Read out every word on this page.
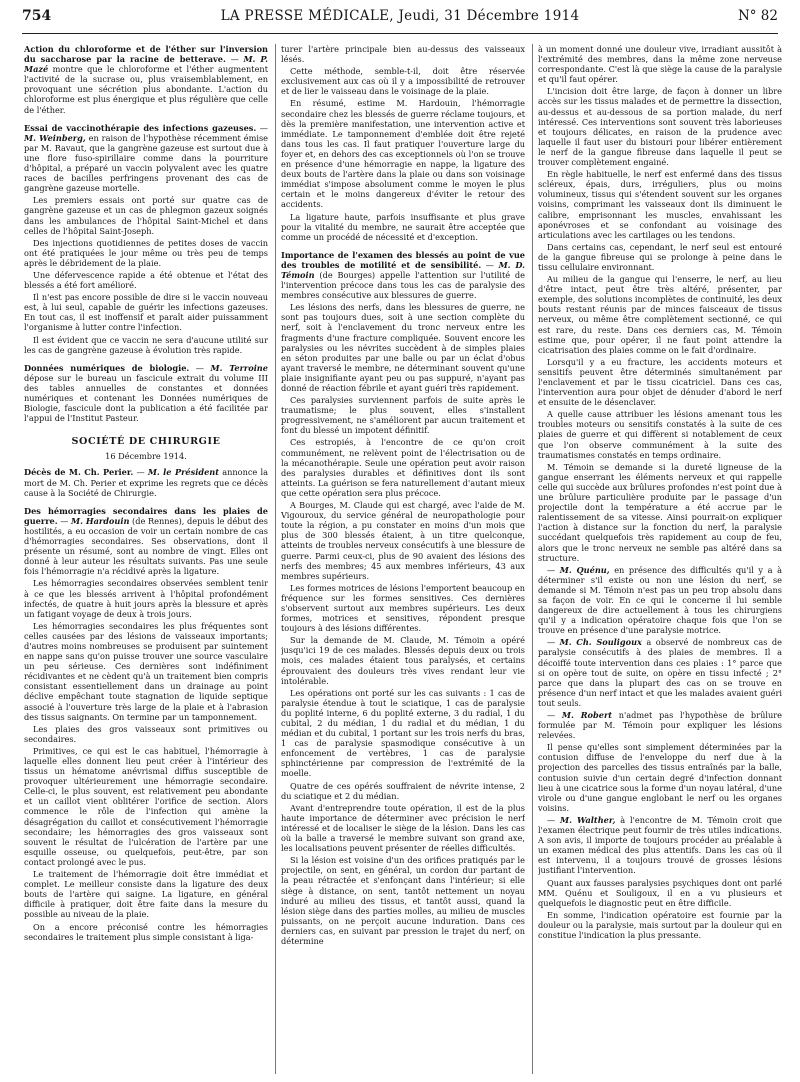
754	LA PRESSE MÉDICALE, Jeudi, 31 Décembre 1914	N° 82

Action du chloroforme et de l'éther sur l'inversion du saccharose par la racine de betterave. — M. P. Mazé montre que le chloroforme et l'éther augmentent l'activité de la sucrase ou, plus vraisemblablement, en provoquant une sécrétion plus abondante. L'action du chloroforme est plus énergique et plus régulière que celle de l'éther.

Essai de vaccinothérapie des infections gazeuses. — M. Weinberg, en raison de l'hypothèse récemment émise par M. Ravaut, que la gangrène gazeuse est surtout due à une flore fuso-spirillaire comme dans la pourriture d'hôpital, a préparé un vaccin polyvalent avec les quatre races de bacilles perfringens provenant des cas de gangrène gazeuse mortelle.

Les premiers essais ont porté sur quatre cas de gangrène gazeuse et un cas de phlegmon gazeux soignés dans les ambulances de l'hôpital Saint-Michel et dans celles de l'hôpital Saint-Joseph.

Des injections quotidiennes de petites doses de vaccin ont été pratiquées le jour même ou très peu de temps après le débridement de la plaie.

Une défervescence rapide a été obtenue et l'état des blessés a été fort amélioré.

Il n'est pas encore possible de dire si le vaccin nouveau est, à lui seul, capable de guérir les infections gazeuses. En tout cas, il est inoffensif et paraît aider puissamment l'organisme à lutter contre l'infection.

Il est évident que ce vaccin ne sera d'aucune utilité sur les cas de gangrène gazeuse à évolution très rapide.

Données numériques de biologie. — M. Terroine dépose sur le bureau un fascicule extrait du volume III des tables annuelles de constantes et données numériques et contenant les Données numériques de Biologie, fascicule dont la publication a été facilitée par l'appui de l'Institut Pasteur.

SOCIÉTÉ DE CHIRURGIE
16 Décembre 1914.

Décès de M. Ch. Perier. — M. le Président annonce la mort de M. Ch. Perier et exprime les regrets que ce décès cause à la Société de Chirurgie.

Des hémorragies secondaires dans les plaies de guerre. — M. Hardouin (de Rennes), depuis le début des hostilités, a eu occasion de voir un certain nombre de cas d'hémorragies secondaires. Ses observations, dont il présente un résumé, sont au nombre de vingt. Elles ont donné à leur auteur les résultats suivants. Pas une seule fois l'hémorragie n'a récidivé après la ligature.

Les hémorragies secondaires observées semblent tenir à ce que les blessés arrivent à l'hôpital profondément infectés, de quatre à huit jours après la blessure et après un fatigant voyage de deux à trois jours.

Les hémorragies secondaires les plus fréquentes sont celles causées par des lésions de vaisseaux importants; d'autres moins nombreuses se produisent par suintement en nappe sans qu'on puisse trouver une source vasculaire un peu sérieuse. Ces dernières sont indéfiniment récidivantes et ne cèdent qu'à un traitement bien compris consistant essentiellement dans un drainage au point déclive empêchant toute stagnation de liquide septique associé à l'ouverture très large de la plaie et à l'abrasion des tissus saignants. On termine par un tamponnement.

Les plaies des gros vaisseaux sont primitives ou secondaires.

Primitives, ce qui est le cas habituel, l'hémorragie à laquelle elles donnent lieu peut créer à l'intérieur des tissus un hématome anévrismal diffus susceptible de provoquer ultérieurement une hémorragie secondaire. Celle-ci, le plus souvent, est relativement peu abondante et un caillot vient oblitérer l'orifice de section. Alors commence le rôle de l'infection qui amène la désagrégation du caillot et consécutivement l'hémorragie secondaire; les hémorragies des gros vaisseaux sont souvent le résultat de l'ulcération de l'artère par une esquille osseuse, ou quelquefois, peut-être, par son contact prolongé avec le pus.

Le traitement de l'hémorragie doit être immédiat et complet. Le meilleur consiste dans la ligature des deux bouts de l'artère qui saigne. La ligature, en général difficile à pratiquer, doit être faite dans la mesure du possible au niveau de la plaie.

On a encore préconisé contre les hémorragies secondaires le traitement plus simple consistant à liga-

turer l'artère principale bien au-dessus des vaisseaux lésés.

Cette méthode, semble-t-il, doit être réservée exclusivement aux cas où il y a impossibilité de retrouver et de lier le vaisseau dans le voisinage de la plaie.

En résumé, estime M. Hardouin, l'hémorragie secondaire chez les blessés de guerre réclame toujours, et dès la première manifestation, une intervention active et immédiate. Le tamponnement d'emblée doit être rejeté dans tous les cas. Il faut pratiquer l'ouverture large du foyer et, en dehors des cas exceptionnels où l'on se trouve en présence d'une hémorragie en nappe, la ligature des deux bouts de l'artère dans la plaie ou dans son voisinage immédiat s'impose absolument comme le moyen le plus certain et le moins dangereux d'éviter le retour des accidents.

La ligature haute, parfois insuffisante et plus grave pour la vitalité du membre, ne saurait être acceptée que comme un procédé de nécessité et d'exception.

Importance de l'examen des blessés au point de vue des troubles de motilité et de sensibilité. — M. D. Témoin (de Bourges) appelle l'attention sur l'utilité de l'intervention précoce dans tous les cas de paralysie des membres consécutive aux blessures de guerre.

Les lésions des nerfs, dans les blessures de guerre, ne sont pas toujours dues, soit à une section complète du nerf, soit à l'enclavement du tronc nerveux entre les fragments d'une fracture compliquée. Souvent encore les paralysies ou les névrites succèdent à de simples plaies en séton produites par une balle ou par un éclat d'obus ayant traversé le membre, ne déterminant souvent qu'une plaie insignifiante ayant peu ou pas suppuré, n'ayant pas donné de réaction fébrile et ayant guéri très rapidement.

Ces paralysies surviennent parfois de suite après le traumatisme; le plus souvent, elles s'installent progressivement, ne s'améliorent par aucun traitement et font du blessé un impotent définitif.

Ces estropiés, à l'encontre de ce qu'on croit communément, ne relèvent point de l'électrisation ou de la mécanothérapie. Seule une opération peut avoir raison des paralysies durables et définitives dont ils sont atteints. La guérison se fera naturellement d'autant mieux que cette opération sera plus précoce.

A Bourges, M. Claude qui est chargé, avec l'aide de M. Vigouroux, du service général de neuropathologie pour toute la région, a pu constater en moins d'un mois que plus de 300 blessés étaient, à un titre quelconque, atteints de troubles nerveux consécutifs à une blessure de guerre. Parmi ceux-ci, plus de 90 avaient des lésions des nerfs des membres; 45 aux membres inférieurs, 43 aux membres supérieurs.

Les formes motrices de lésions l'emportent beaucoup en fréquence sur les formes sensitives. Ces dernières s'observent surtout aux membres supérieurs. Les deux formes, motrices et sensitives, répondent presque toujours à des lésions différentes.

Sur la demande de M. Claude, M. Témoin a opéré jusqu'ici 19 de ces malades. Blessés depuis deux ou trois mois, ces malades étaient tous paralysés, et certains éprouvaient des douleurs très vives rendant leur vie intolérable.

Les opérations ont porté sur les cas suivants : 1 cas de paralysie étendue à tout le sciatique, 1 cas de paralysie du poplité interne, 6 du poplité externe, 3 du radial, 1 du cubital, 2 du médian, 1 du radial et du médian, 1 du médian et du cubital, 1 portant sur les trois nerfs du bras, 1 cas de paralysie spasmodique consécutive à un enfoncement de vertèbres, 1 cas de paralysie sphinctérienne par compression de l'extrémité de la moelle.

Quatre de ces opérés souffraient de névrite intense, 2 du sciatique et 2 du médian.

Avant d'entreprendre toute opération, il est de la plus haute importance de déterminer avec précision le nerf intéressé et de localiser le siège de la lésion. Dans les cas où la balle a traversé le membre suivant son grand axe, les localisations peuvent présenter de réelles difficultés.

Si la lésion est voisine d'un des orifices pratiqués par le projectile, on sent, en général, un cordon dur partant de la peau rétractée et s'enfonçant dans l'intérieur; si elle siège à distance, on sent, tantôt nettement un noyau induré au milieu des tissus, et tantôt aussi, quand la lésion siège dans des parties molles, au milieu de muscles puissants, on ne perçoit aucune induration. Dans ces derniers cas, en suivant par pression le trajet du nerf, on détermine

à un moment donné une douleur vive, irradiant aussitôt à l'extrémité des membres, dans la même zone nerveuse correspondante. C'est là que siège la cause de la paralysie et qu'il faut opérer.

L'incision doit être large, de façon à donner un libre accès sur les tissus malades et de permettre la dissection, au-dessus et au-dessous de sa portion malade, du nerf intéressé. Ces interventions sont souvent très laborieuses et toujours délicates, en raison de la prudence avec laquelle il faut user du bistouri pour libérer entièrement le nerf de la gangue fibreuse dans laquelle il peut se trouver complètement engainé.

En règle habituelle, le nerf est enfermé dans des tissus scléreux, épais, durs, irréguliers, plus ou moins volumineux, tissus qui s'étendent souvent sur les organes voisins, comprimant les vaisseaux dont ils diminuent le calibre, emprisonnant les muscles, envahissant les aponévroses et se confondant au voisinage des articulations avec les cartilages ou les tendons.

Dans certains cas, cependant, le nerf seul est entouré de la gangue fibreuse qui se prolonge à peine dans le tissu cellulaire environnant.

Au milieu de la gangue qui l'enserre, le nerf, au lieu d'être intact, peut être très altéré, présenter, par exemple, des solutions incomplètes de continuité, les deux bouts restant réunis par de minces faisceaux de tissus nerveux, ou même être complètement sectionné, ce qui est rare, du reste. Dans ces derniers cas, M. Témoin estime que, pour opérer, il ne faut point attendre la cicatrisation des plaies comme on le fait d'ordinaire.

Lorsqu'il y a eu fracture, les accidents moteurs et sensitifs peuvent être déterminés simultanément par l'enclavement et par le tissu cicatriciel. Dans ces cas, l'intervention aura pour objet de dénuder d'abord le nerf et ensuite de le désenclaver.

A quelle cause attribuer les lésions amenant tous les troubles moteurs ou sensitifs constatés à la suite de ces plaies de guerre et qui diffèrent si notablement de ceux que l'on observe communément à la suite des traumatismes constatés en temps ordinaire.

M. Témoin se demande si la dureté ligneuse de la gangue enserrant les éléments nerveux et qui rappelle celle qui succède aux brûlures profondes n'est point due à une brûlure particulière produite par le passage d'un projectile dont la température a été accrue par le ralentissement de sa vitesse. Ainsi pourrait-on expliquer l'action à distance sur la fonction du nerf, la paralysie succédant quelquefois très rapidement au coup de feu, alors que le tronc nerveux ne semble pas altéré dans sa structure.

— M. Quénu, en présence des difficultés qu'il y a à déterminer s'il existe ou non une lésion du nerf, se demande si M. Témoin n'est pas un peu trop absolu dans sa façon de voir. En ce qui le concerne il lui semble dangereux de dire actuellement à tous les chirurgiens qu'il y a indication opératoire chaque fois que l'on se trouve en présence d'une paralysie motrice.

— M. Ch. Souligoux a observé de nombreux cas de paralysie consécutifs à des plaies de membres. Il a décoiffé toute intervention dans ces plaies : 1° parce que si on opère tout de suite, on opère en tissu infecté ; 2° parce que dans la plupart des cas on se trouve en présence d'un nerf intact et que les malades avaient guéri tout seuls.

— M. Robert n'admet pas l'hypothèse de brûlure formulée par M. Témoin pour expliquer les lésions relevées.

Il pense qu'elles sont simplement déterminées par la contusion diffuse de l'enveloppe du nerf due à la projection des parcelles des tissus entraînés par la balle, contusion suivie d'un certain degré d'infection donnant lieu à une cicatrice sous la forme d'un noyau latéral, d'une virole ou d'une gangue englobant le nerf ou les organes voisins.

— M. Walther, à l'encontre de M. Témoin croit que l'examen électrique peut fournir de très utiles indications. A son avis, il importe de toujours procéder au préalable à un examen médical des plus attentifs. Dans les cas où il est intervenu, il a toujours trouvé de grosses lésions justifiant l'intervention.

Quant aux fausses paralysies psychiques dont ont parlé MM. Quénu et Souligoux, il en a vu plusieurs et quelquefois le diagnostic peut en être difficile.

En somme, l'indication opératoire est fournie par la douleur ou la paralysie, mais surtout par la douleur qui en constitue l'indication la plus pressante.
